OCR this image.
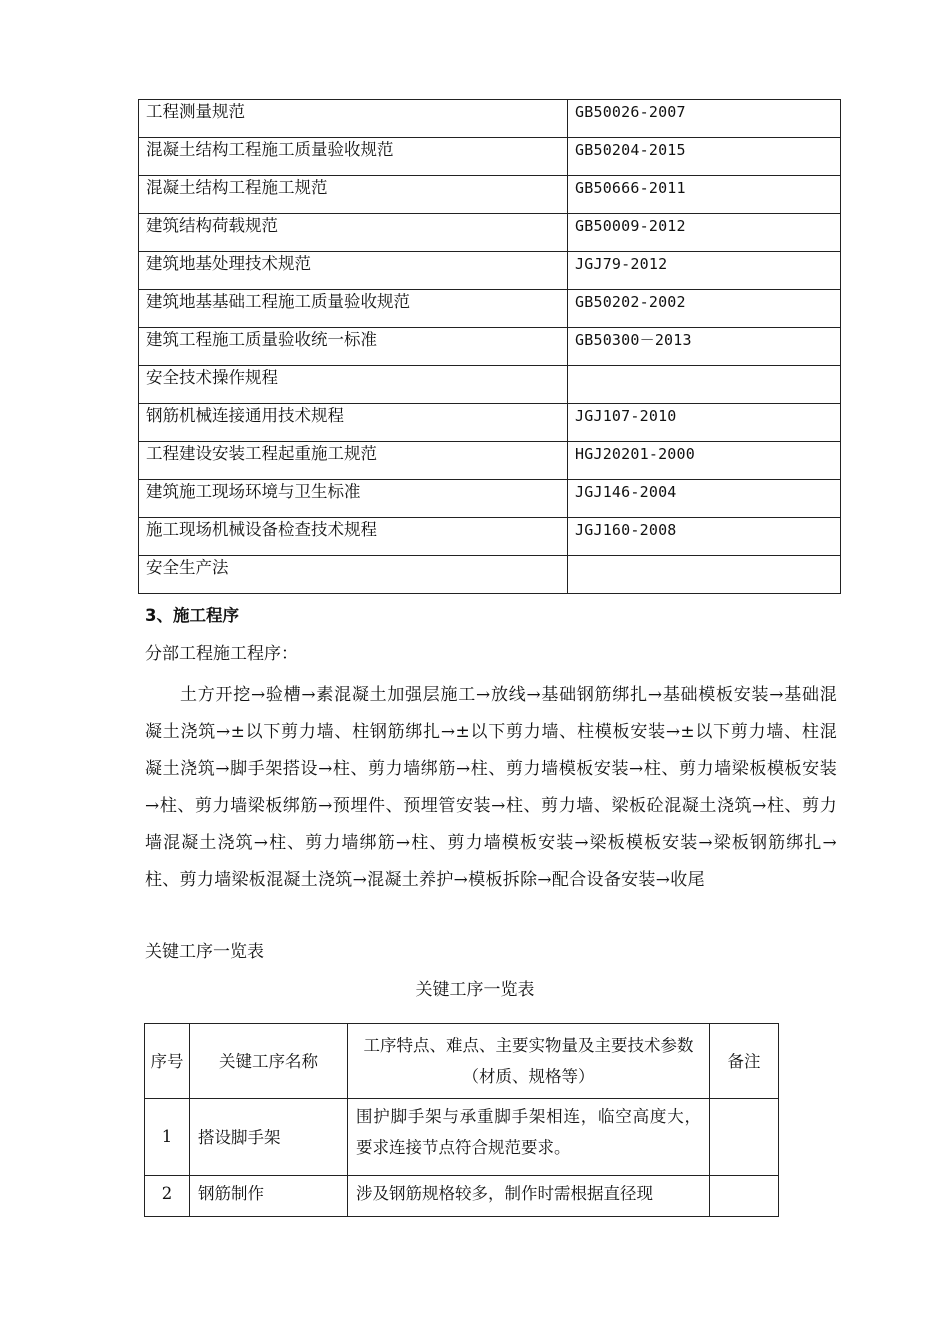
工程测量规范	GB50026-2007
混凝土结构工程施工质量验收规范	GB50204-2015
混凝土结构工程施工规范	GB50666-2011
建筑结构荷载规范	GB50009-2012
建筑地基处理技术规范	JGJ79-2012
建筑地基基础工程施工质量验收规范	GB50202-2002
建筑工程施工质量验收统一标准	GB50300－2013
安全技术操作规程	
钢筋机械连接通用技术规程	JGJ107-2010
工程建设安装工程起重施工规范	HGJ20201-2000
建筑施工现场环境与卫生标准	JGJ146-2004
施工现场机械设备检查技术规程	JGJ160-2008
安全生产法	
3、施工程序
分部工程施工程序：
土方开挖→验槽→素混凝土加强层施工→放线→基础钢筋绑扎→基础模板安装→基础混凝土浇筑→±以下剪力墙、柱钢筋绑扎→±以下剪力墙、柱模板安装→±以下剪力墙、柱混凝土浇筑→脚手架搭设→柱、剪力墙绑筋→柱、剪力墙模板安装→柱、剪力墙梁板模板安装→柱、剪力墙梁板绑筋→预埋件、预埋管安装→柱、剪力墙、梁板砼混凝土浇筑→柱、剪力墙混凝土浇筑→柱、剪力墙绑筋→柱、剪力墙模板安装→梁板模板安装→梁板钢筋绑扎→柱、剪力墙梁板混凝土浇筑→混凝土养护→模板拆除→配合设备安装→收尾
关键工序一览表
关键工序一览表
序号	关键工序名称	工序特点、难点、主要实物量及主要技术参数（材质、规格等）	备注
1	搭设脚手架	围护脚手架与承重脚手架相连，临空高度大，要求连接节点符合规范要求。	
2	钢筋制作	涉及钢筋规格较多，制作时需根据直径现	
